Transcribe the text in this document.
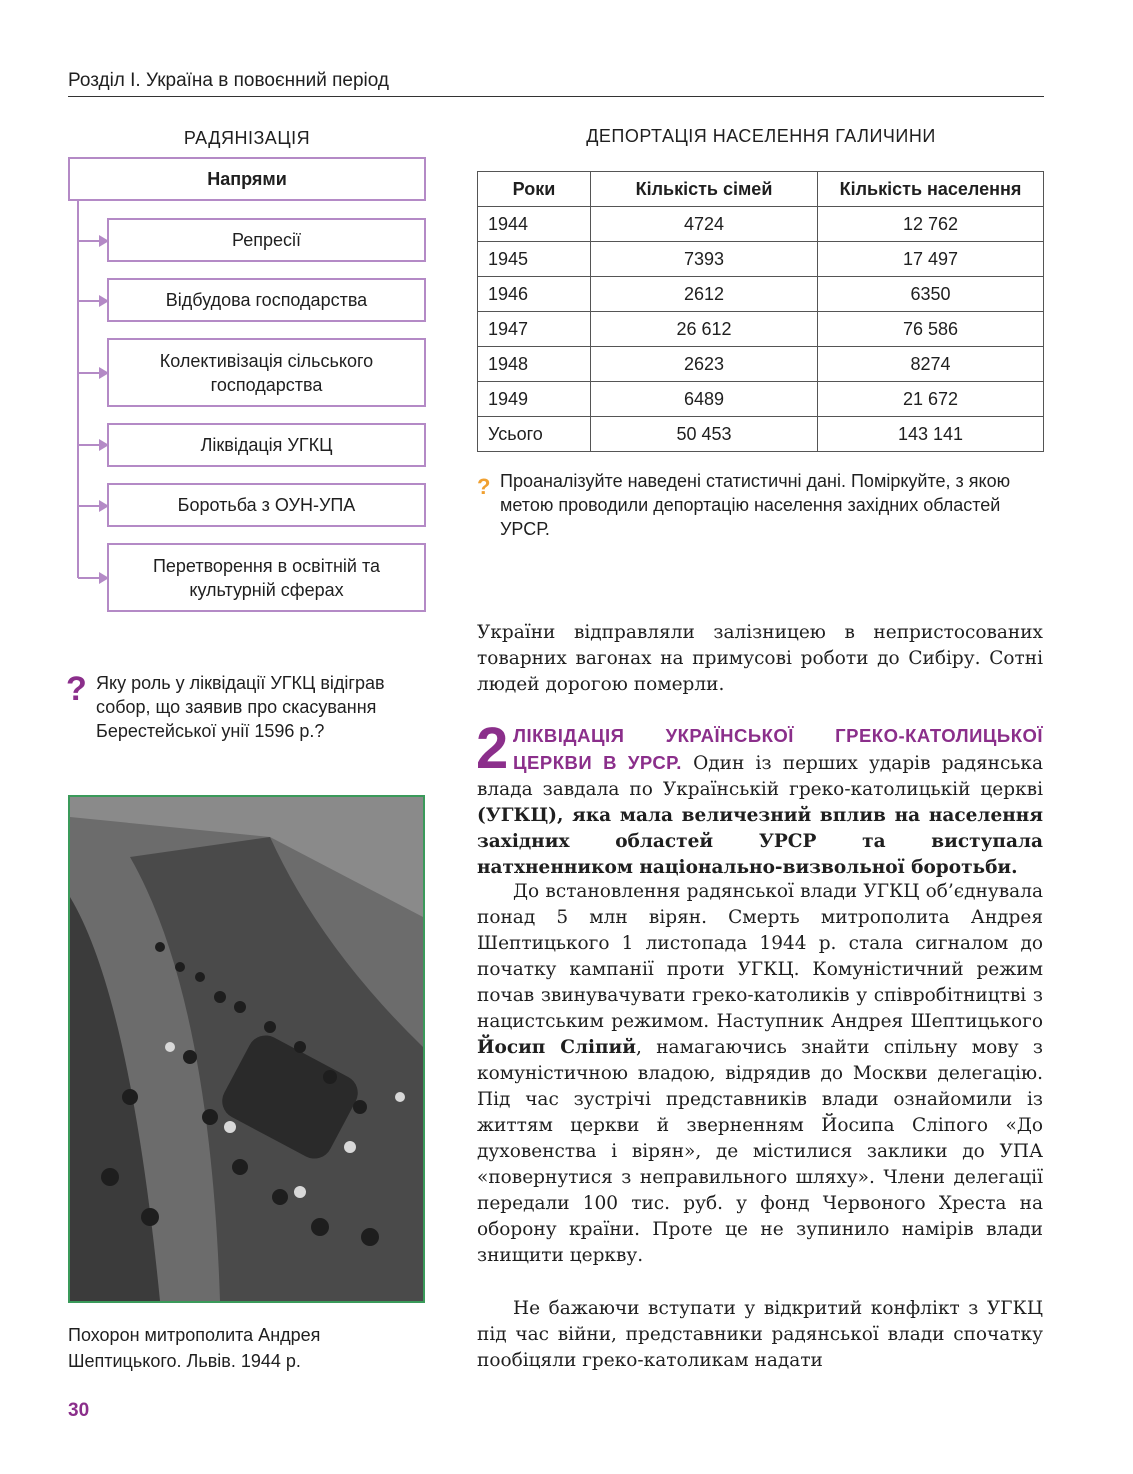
Розділ І. Україна в повоєнний період
РАДЯНІЗАЦІЯ
Напрями
Репресії
Відбудова господарства
Колективізація сільського господарства
Ліквідація УГКЦ
Боротьба з ОУН-УПА
Перетворення в освітній та культурній сферах
? Яку роль у ліквідації УГКЦ відіграв собор, що заявив про скасування Берестейської унії 1596 р.?
Похорон митрополита Андрея Шептицького. Львів. 1944 р.
30
ДЕПОРТАЦІЯ НАСЕЛЕННЯ ГАЛИЧИНИ
Роки	Кількість сімей	Кількість населення
1944	4724	12 762
1945	7393	17 497
1946	2612	6350
1947	26 612	76 586
1948	2623	8274
1949	6489	21 672
Усього	50 453	143 141
? Проаналізуйте наведені статистичні дані. Поміркуйте, з якою метою проводили депортацію населення західних областей УРСР.
України відправляли залізницею в непристосованих товарних вагонах на примусові роботи до Сибіру. Сотні людей дорогою померли.
2 ЛІКВІДАЦІЯ УКРАЇНСЬКОЇ ГРЕКО-КАТОЛИЦЬКОЇ ЦЕРКВИ В УРСР. Один із перших ударів радянська влада завдала по Українській греко-католицькій церкві (УГКЦ), яка мала величезний вплив на населення західних областей УРСР та виступала натхненником національно-визвольної боротьби.
До встановлення радянської влади УГКЦ об’єднувала понад 5 млн вірян. Смерть митрополита Андрея Шептицького 1 листопада 1944 р. стала сигналом до початку кампанії проти УГКЦ. Комуністичний режим почав звинувачувати греко-католиків у співробітництві з нацистським режимом. Наступник Андрея Шептицького Йосип Сліпий, намагаючись знайти спільну мову з комуністичною владою, відрядив до Москви делегацію. Під час зустрічі представників влади ознайомили із життям церкви й зверненням Йосипа Сліпого «До духовенства і вірян», де містилися заклики до УПА «повернутися з неправильного шляху». Члени делегації передали 100 тис. руб. у фонд Червоного Хреста на оборону країни. Проте це не зупинило намірів влади знищити церкву.
Не бажаючи вступати у відкритий конфлікт з УГКЦ під час війни, представники радянської влади спочатку пообіцяли греко-католикам надати
